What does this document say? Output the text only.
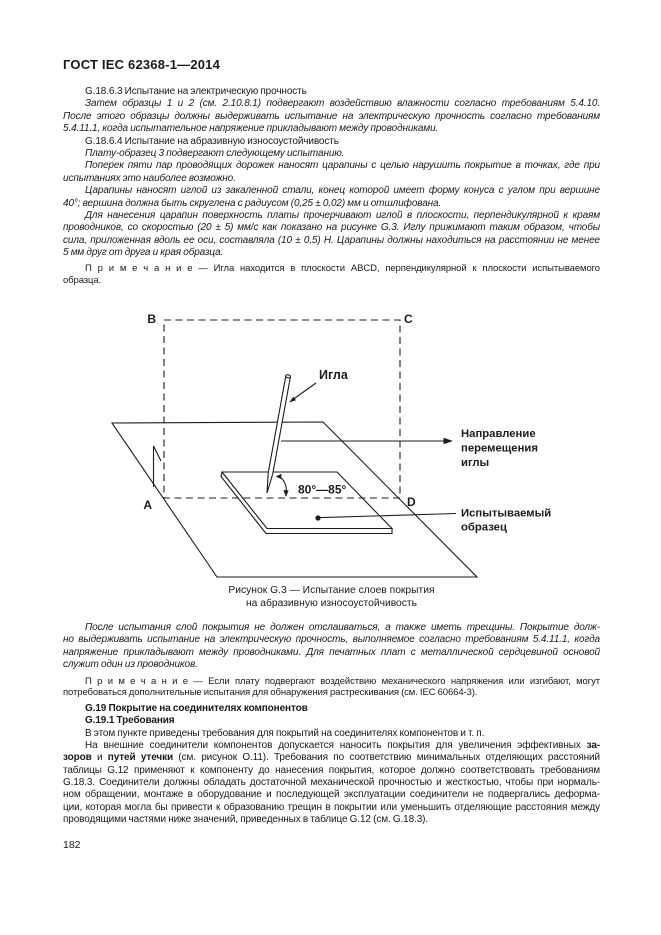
ГОСТ IEC 62368-1—2014
G.18.6.3 Испытание на электрическую прочность
Затем образцы 1 и 2 (см. 2.10.8.1) подвергают воздействию влажности согласно требованиям 5.4.10.
После этого образцы должны выдерживать испытание на электрическую прочность согласно требованиям
5.4.11.1, когда испытательное напряжение прикладывают между проводниками.
G.18.6.4 Испытание на абразивную износоустойчивость
Плату-образец 3 подвергают следующему испытанию.
Поперек пяти пар проводящих дорожек наносят царапины с целью нарушить покрытие в точках, где при
испытаниях это наиболее возможно.
Царапины наносят иглой из закаленной стали, конец которой имеет форму конуса с углом при вершине
40°; вершина должна быть скруглена с радиусом (0,25 ± 0,02) мм и отшлифована.
Для нанесения царапин поверхность платы прочерчивают иглой в плоскости, перпендикулярной к краям
проводников, со скоростью (20 ± 5) мм/с как показано на рисунке G.3. Иглу прижимают таким образом, чтобы
сила, приложенная вдоль ее оси, составляла (10 ± 0,5) Н. Царапины должны находиться на расстоянии не менее
5 мм друг от друга и края образца.
П р и м е ч а н и е — Игла находится в плоскости ABCD, перпендикулярной к плоскости испытываемого
образца.
B	C
A	D
Игла
80°—85°
Направление
перемещения
иглы
Испытываемый
образец
Рисунок G.3 — Испытание слоев покрытия
на абразивную износоустойчивость
После испытания слой покрытия не должен отслаиваться, а также иметь трещины. Покрытие долж-
но выдерживать испытание на электрическую прочность, выполняемое согласно требованиям 5.4.11.1, когда
напряжение прикладывают между проводниками. Для печатных плат с металлической сердцевиной основой
служит один из проводников.
П р и м е ч а н и е — Если плату подвергают воздействию механического напряжения или изгибают, могут
потребоваться дополнительные испытания для обнаружения растрескивания (см. IEC 60664-3).
G.19 Покрытие на соединителях компонентов
G.19.1 Требования
В этом пункте приведены требования для покрытий на соединителях компонентов и т. п.
На внешние соединители компонентов допускается наносить покрытия для увеличения эффективных за-
зоров и путей утечки (см. рисунок O.11). Требования по соответствию минимальных отделяющих расстояний
таблицы G.12 применяют к компоненту до нанесения покрытия, которое должно соответствовать требованиям
G.18.3. Соединители должны обладать достаточной механической прочностью и жесткостью, чтобы при нормаль-
ном обращении, монтаже в оборудование и последующей эксплуатации соединители не подвергались деформа-
ции, которая могла бы привести к образованию трещин в покрытии или уменьшить отделяющие расстояния между
проводящими частями ниже значений, приведенных в таблице G.12 (см. G.18.3).
182
